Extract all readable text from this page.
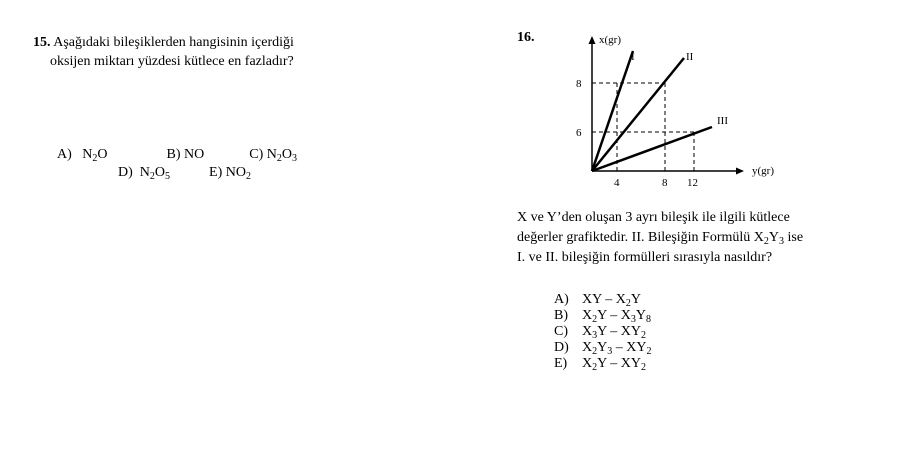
15. Aşağıdaki bileşiklerden hangisinin içerdiği
oksijen miktarı yüzdesi kütlece en fazladır?
A) $N_2O$	B) NO	C) $N_2O_3$
D) $N_2O_5$	E) $NO_2$
16.	x(gr)
y(gr)
I	II
III
8
6
4	8 12
X ve Y’den oluşan 3 ayrı bileşik ile ilgili kütlece
değerler grafiktedir. II. Bileşiğin Formülü $X_2Y_3$ ise
I. ve II. bileşiğin formülleri sırasıyla nasıldır?
A) XY – $X_2Y$
B) $X_2Y - X_3Y_8$
C) $X_3Y - XY_2$
D) $X_2Y_3 - XY_2$
E) $X_2Y - XY_2$
